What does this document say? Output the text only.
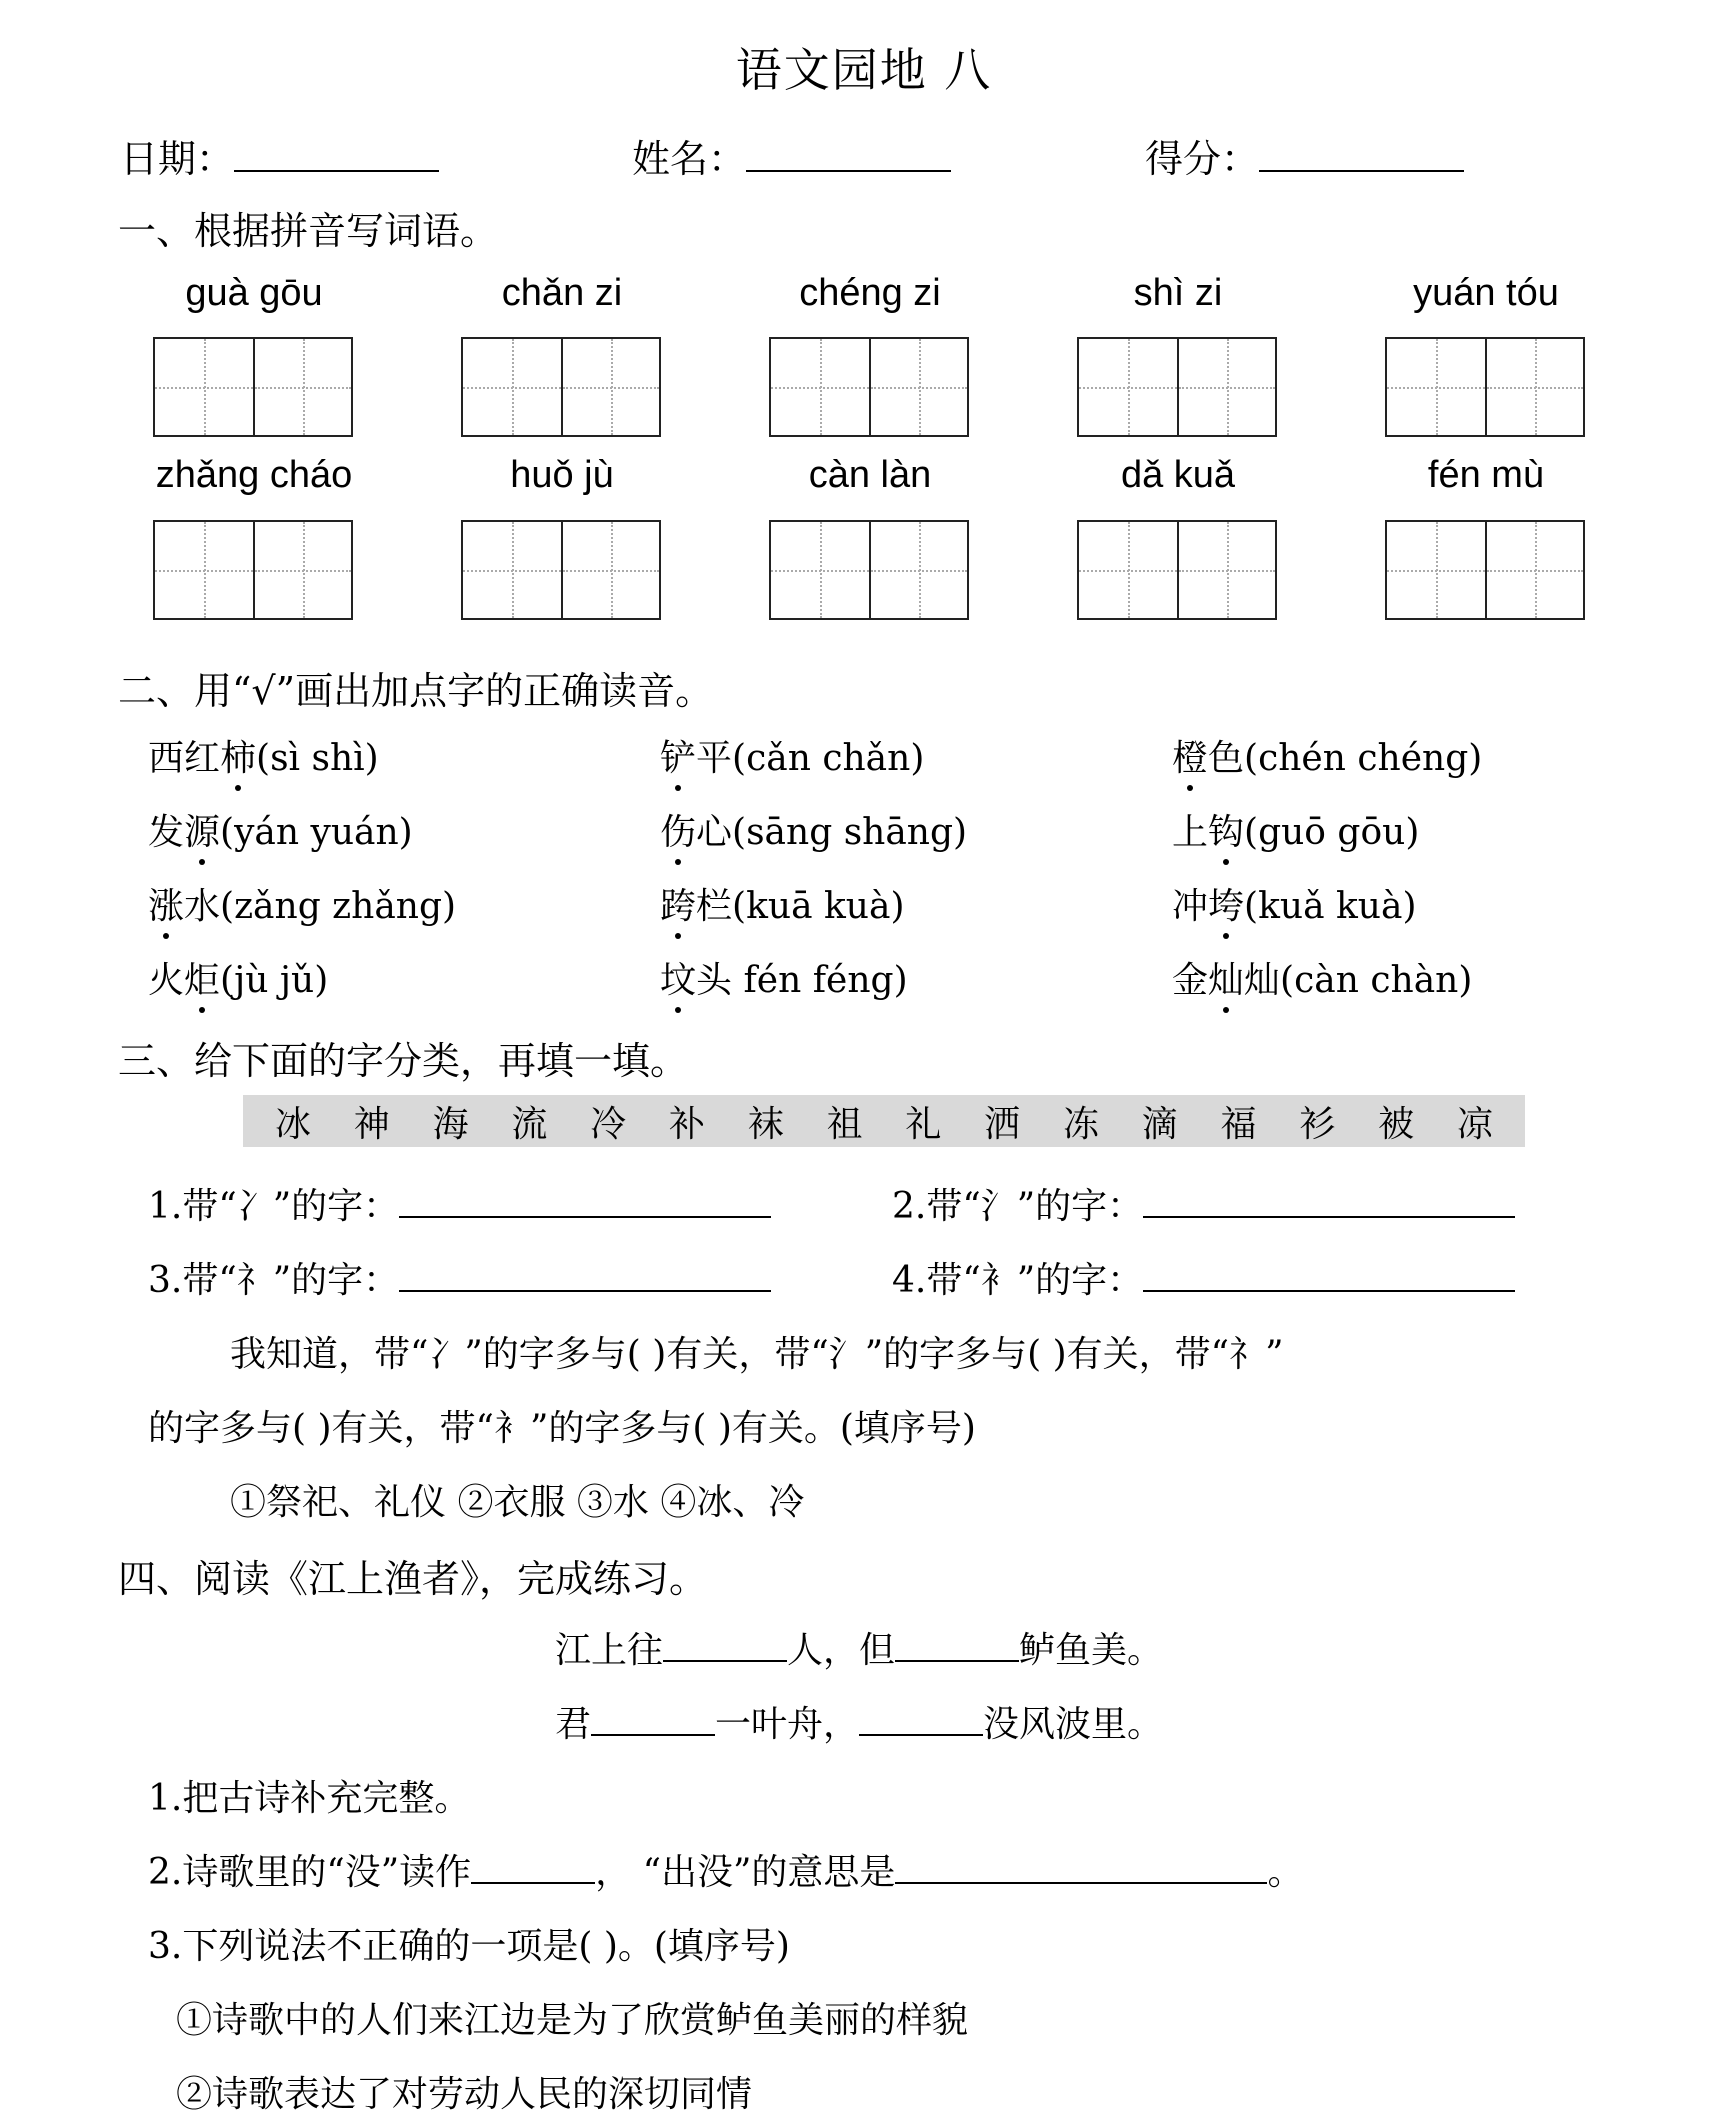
语文园地 八
日期：	姓名：	得分：
一、根据拼音写词语。
guà gōu	chǎn zi	chéng zi	shì zi	yuán tóu
zhǎng cháo	huǒ jù	càn làn	dǎ kuǎ	fén mù
二、用“√”画出加点字的正确读音。
西红柿(sì shì)	铲平(cǎn chǎn)	橙色(chén chéng)
发源(yán yuán)	伤心(sāng shāng)	上钩(guō gōu)
涨水(zǎng zhǎng)	跨栏(kuā kuà)	冲垮(kuǎ kuà)
火炬(jù jǔ)	坟头 fén féng)	金灿灿(càn chàn)
三、给下面的字分类，再填一填。
冰	神	海	流	冷	补	袜	祖	礼	洒	冻	滴	福	衫	被	凉
1.带“冫”的字：	2.带“氵”的字：
3.带“礻”的字：	4.带“衤”的字：
我知道，带“冫”的字多与( )有关，带“氵”的字多与( )有关，带“礻”
的字多与( )有关，带“衤”的字多与( )有关。(填序号)
①祭祀、礼仪 ②衣服 ③水 ④冰、冷
四、阅读《江上渔者》，完成练习。
江上往	人，但	鲈鱼美。
君	一叶舟，	没风波里。
1.把古诗补充完整。
2.诗歌里的“没”读作	， “出没”的意思是	。
3.下列说法不正确的一项是( )。(填序号)
①诗歌中的人们来江边是为了欣赏鲈鱼美丽的样貌
②诗歌表达了对劳动人民的深切同情
